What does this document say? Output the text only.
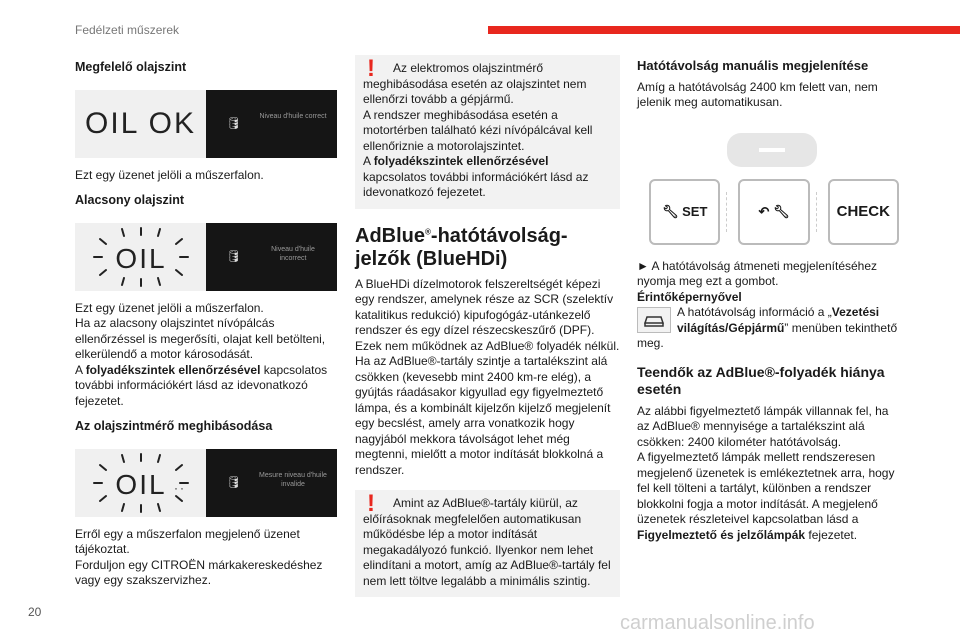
Fedélzeti műszerek
Megfelelő olajszint
OIL OK	🛢︎	Niveau d'huile correct

Ezt egy üzenet jelöli a műszerfalon.

Alacsony olajszint
OIL	🛢︎	Niveau d'huile incorrect

Ezt egy üzenet jelöli a műszerfalon.

Ha az alacsony olajszintet nívópálcás ellenőrzéssel is megerősíti, olajat kell betölteni, elkerülendő a motor károsodását.

A folyadékszintek ellenőrzésével kapcsolatos további információkért lásd az idevonatkozó fejezetet.

Az olajszintmérő meghibásodása
OIL ··	🛢︎	Mesure niveau d'huile invalide

Erről egy a műszerfalon megjelenő üzenet tájékoztat.

Forduljon egy CITROËN márkakereskedéshez vagy egy szakszervizhez.

!	Az elektromos olajszintmérő meghibásodása esetén az olajszintet nem ellenőrzi tovább a gépjármű.

A rendszer meghibásodása esetén a motortérben található kézi nívópálcával kell ellenőriznie a motorolajszintet.

A folyadékszintek ellenőrzésével kapcsolatos további információkért lásd az idevonatkozó fejezetet.

AdBlue®-hatótávolság-jelzők (BlueHDi)

A BlueHDi dízelmotorok felszereltségét képezi egy rendszer, amelynek része az SCR (szelektív katalitikus redukció) kipufogógáz-utánkezelő rendszer és egy dízel részecskeszűrő (DPF). Ezek nem működnek az AdBlue® folyadék nélkül. Ha az AdBlue®-tartály szintje a tartalékszint alá csökken (kevesebb mint 2400 km-re elég), a gyújtás ráadásakor kigyullad egy figyelmeztető lámpa, és a kombinált kijelzőn kijelző megjelenít egy becslést, amely arra vonatkozik hogy nagyjából mekkora távolságot lehet még megtenni, mielőtt a motor indítását blokkolná a rendszer.

!	Amint az AdBlue®-tartály kiürül, az előírásoknak megfelelően automatikusan működésbe lép a motor indítását megakadályozó funkció. Ilyenkor nem lehet elindítani a motort, amíg az AdBlue®-tartály fel nem lett töltve legalább a minimális szintig.

Hatótávolság manuális megjelenítése

Amíg a hatótávolság 2400 km felett van, nem jelenik meg automatikusan.

🔧︎
SET	↶
🔧︎	CHECK

► A hatótávolság átmeneti megjelenítéséhez nyomja meg ezt a gombot.

Érintőképernyővel

A hatótávolság információ a „Vezetési világítás/Gépjármű” menüben tekinthető meg.

Teendők az AdBlue®-folyadék hiánya esetén

Az alábbi figyelmeztető lámpák villannak fel, ha az AdBlue® mennyisége a tartalékszint alá csökken: 2400 kilométer hatótávolság.

A figyelmeztető lámpák mellett rendszeresen megjelenő üzenetek is emlékeztetnek arra, hogy fel kell tölteni a tartályt, különben a rendszer blokkolni fogja a motor indítását. A megjelenő üzenetek részleteivel kapcsolatban lásd a Figyelmeztető és jelzőlámpák fejezetet.

20	carmanualsonline.info
